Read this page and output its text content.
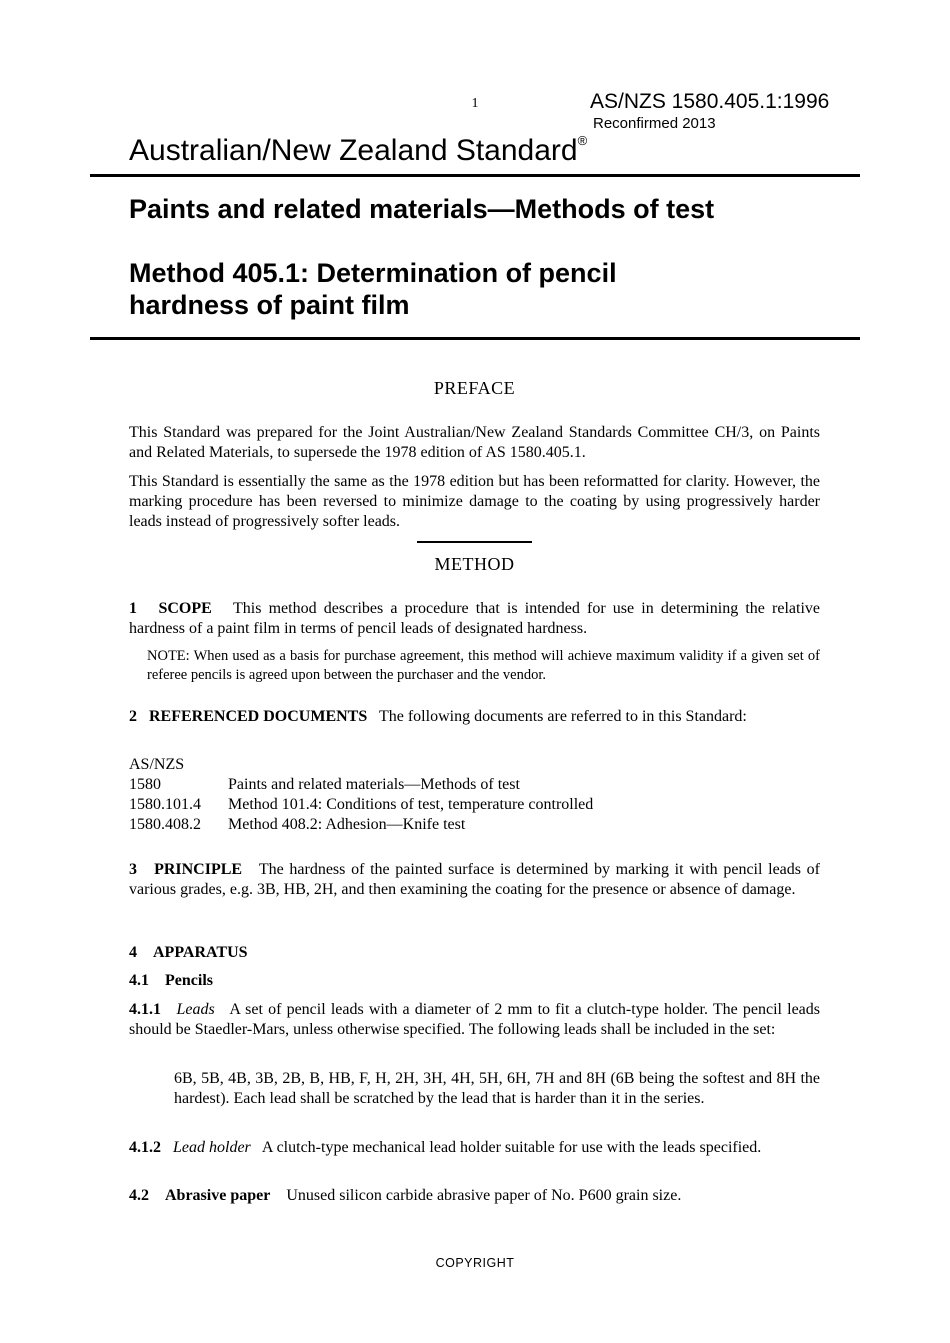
1	AS/NZS 1580.405.1:1996
Reconfirmed 2013
Australian/New Zealand Standard®
Paints and related materials—Methods of test
Method 405.1: Determination of pencil
hardness of paint film
PREFACE

This Standard was prepared for the Joint Australian/New Zealand Standards Committee CH/3, on Paints and Related Materials, to supersede the 1978 edition of AS 1580.405.1.

This Standard is essentially the same as the 1978 edition but has been reformatted for clarity. However, the marking procedure has been reversed to minimize damage to the coating by using progressively harder leads instead of progressively softer leads.

METHOD

1 SCOPE This method describes a procedure that is intended for use in determining the relative hardness of a paint film in terms of pencil leads of designated hardness.

NOTE: When used as a basis for purchase agreement, this method will achieve maximum validity if a given set of referee pencils is agreed upon between the purchaser and the vendor.

2 REFERENCED DOCUMENTS The following documents are referred to in this Standard:

AS/NZS
1580	Paints and related materials—Methods of test
1580.101.4	Method 101.4: Conditions of test, temperature controlled
1580.408.2	Method 408.2: Adhesion—Knife test

3 PRINCIPLE The hardness of the painted surface is determined by marking it with pencil leads of various grades, e.g. 3B, HB, 2H, and then examining the coating for the presence or absence of damage.

4 APPARATUS

4.1 Pencils

4.1.1 Leads A set of pencil leads with a diameter of 2 mm to fit a clutch-type holder. The pencil leads should be Staedler-Mars, unless otherwise specified. The following leads shall be included in the set:

6B, 5B, 4B, 3B, 2B, B, HB, F, H, 2H, 3H, 4H, 5H, 6H, 7H and 8H (6B being the softest and 8H the hardest). Each lead shall be scratched by the lead that is harder than it in the series.

4.1.2 Lead holder A clutch-type mechanical lead holder suitable for use with the leads specified.

4.2 Abrasive paper Unused silicon carbide abrasive paper of No. P600 grain size.

COPYRIGHT
